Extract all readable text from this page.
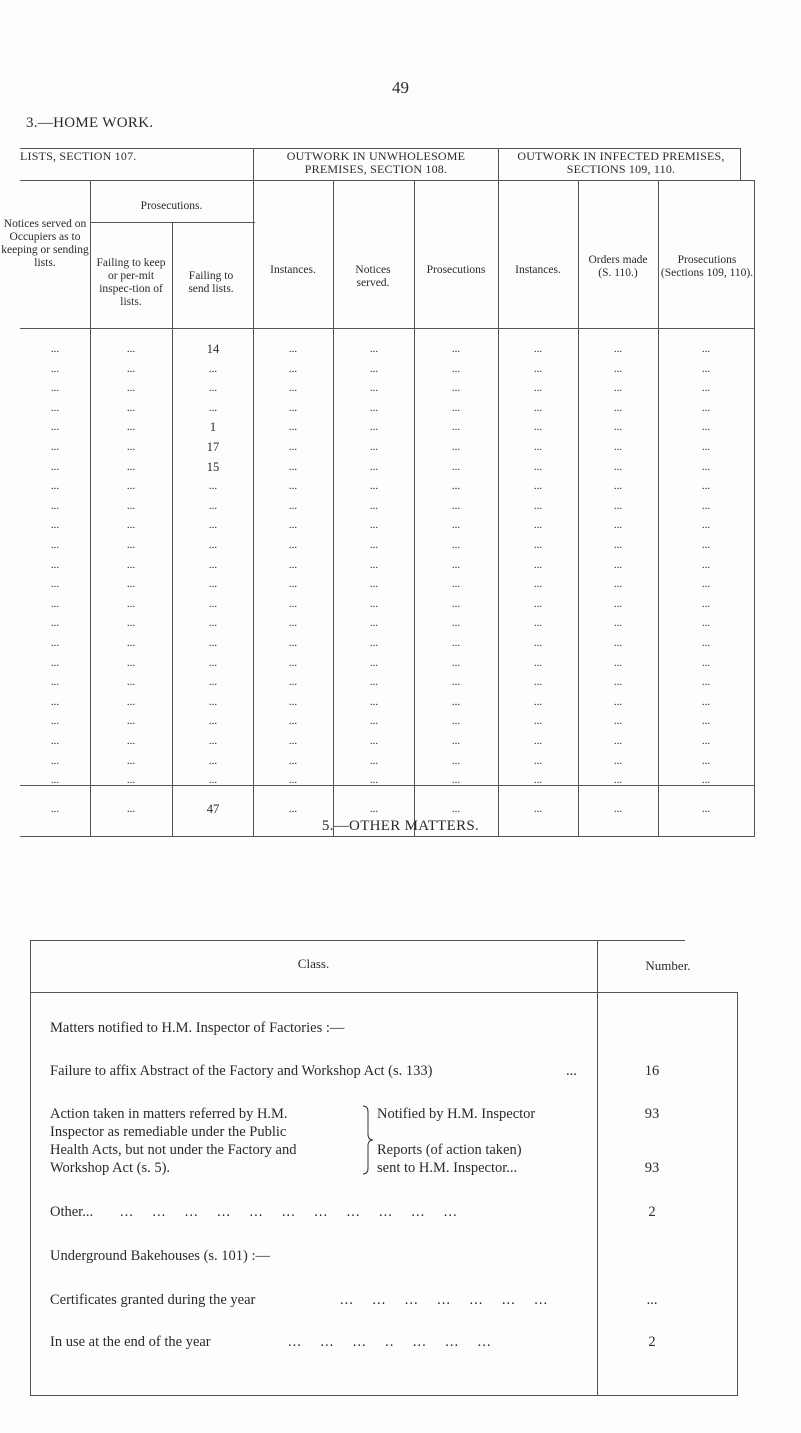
49
3.—HOME WORK.
LISTS, SECTION 107.	OUTWORK IN UNWHOLESOME PREMISES, SECTION 108.
OUTWORK IN INFECTED PREMISES, SECTIONS 109, 110.
Prosecutions.
Notices served on Occupiers as to keeping or sending lists.	Failing to keep or per-mit inspec-tion of lists.
Failing to send lists.
Instances.	Notices served.
Prosecutions	Instances.
Orders made (S. 110.)
Prosecutions (Sections 109, 110).
...	...	14	...	...	...	...	...	...
...	...	...	...	...	...	...	...	...
...	...	...	...	...	...	...	...	...
...	...	...	...	...	...	...	...	...
...	...	1	...	...	...	...	...	...
...	...	17	...	...	...	...	...	...
...	...	15	...	...	...	...	...	...
...	...	...	...	...	...	...	...	...
...	...	...	...	...	...	...	...	...
...	...	...	...	...	...	...	...	...
...	...	...	...	...	...	...	...	...
...	...	...	...	...	...	...	...	...
...	...	...	...	...	...	...	...	...
...	...	...	...	...	...	...	...	...
...	...	...	...	...	...	...	...	...
...	...	...	...	...	...	...	...	...
...	...	...	...	...	...	...	...	...
...	...	...	...	...	...	...	...	...
...	...	...	...	...	...	...	...	...
...	...	...	...	...	...	...	...	...
...	...	...	...	...	...	...	...	...
...	...	...	...	...	...	...	...	...
...	...	...	...	...	...	...	...	...
...	...	47	...	...	...	...	...	...
5.—OTHER MATTERS.
Class.	Number.
Matters notified to H.M. Inspector of Factories :—
Failure to affix Abstract of the Factory and Workshop Act (s. 133)	...	16
Action taken in matters referred by H.M.
Inspector as remediable under the Public
Health Acts, but not under the Factory and
Workshop Act (s. 5).
Notified by H.M. Inspector	93
Reports (of action taken)
sent to H.M. Inspector...	93
Other... ...    ...    ...    ...    ...    ...    ...    ...    ...    ...    ...	2
Underground Bakehouses (s. 101) :—
Certificates granted during the year	...    ...    ...    ...    ...    ...    ...	...
In use at the end of the year	...    ...    ...    ..    ...    ...    ...	2
